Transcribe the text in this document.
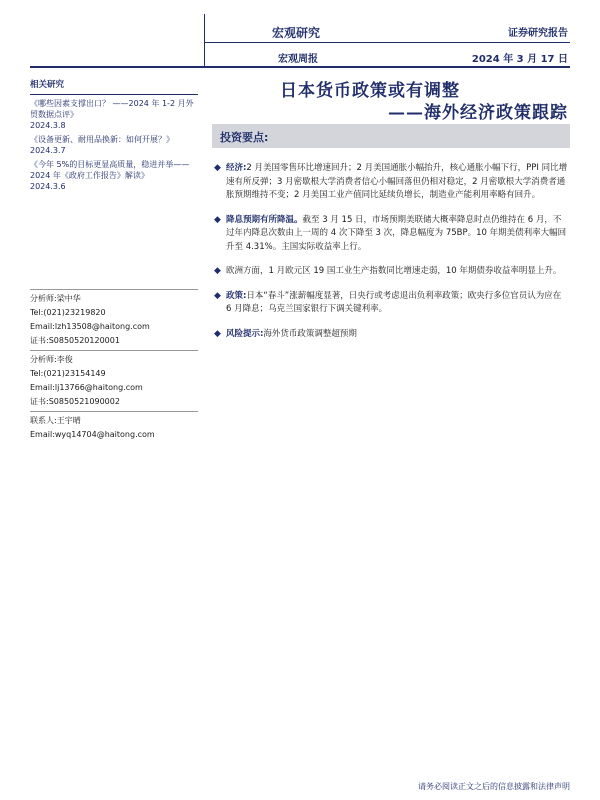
宏观研究	证券研究报告
宏观周报	2024 年 3 月 17 日
日本货币政策或有调整
——海外经济政策跟踪
相关研究
《哪些因素支撑出口？ ——2024 年 1-2 月外贸数据点评》
2024.3.8
《设备更新、耐用品换新：如何开展？》
2024.3.7
《今年 5%的目标更显高质量，稳进并举——2024 年《政府工作报告》解读》
2024.3.6
分析师:梁中华
Tel:(021)23219820
Email:lzh13508@haitong.com
证书:S0850520120001
分析师:李俊
Tel:(021)23154149
Email:lj13766@haitong.com
证书:S0850521090002
联系人:王宇晴
Email:wyq14704@haitong.com
投资要点:
◆ 经济:2 月美国零售环比增速回升；2 月美国通胀小幅抬升，核心通胀小幅下行，PPI 同比增速有所反弹；3 月密歇根大学消费者信心小幅回落但仍相对稳定，2 月密歇根大学消费者通胀预期维持不变；2 月美国工业产值同比延续负增长，制造业产能利用率略有回升。
◆ 降息预期有所降温。截至 3 月 15 日，市场预期美联储大概率降息时点仍维持在 6 月，不过年内降息次数由上一周的 4 次下降至 3 次，降息幅度为 75BP。10 年期美债利率大幅回升至 4.31%。主国实际收益率上行。
◆ 欧洲方面，1 月欧元区 19 国工业生产指数同比增速走弱，10 年期债券收益率明显上升。
◆ 政策:日本“春斗”涨薪幅度显著，日央行或考虑退出负利率政策；欧央行多位官员认为应在 6 月降息；乌克兰国家银行下调关键利率。
◆ 风险提示:海外货币政策调整超预期
请务必阅读正文之后的信息披露和法律声明
